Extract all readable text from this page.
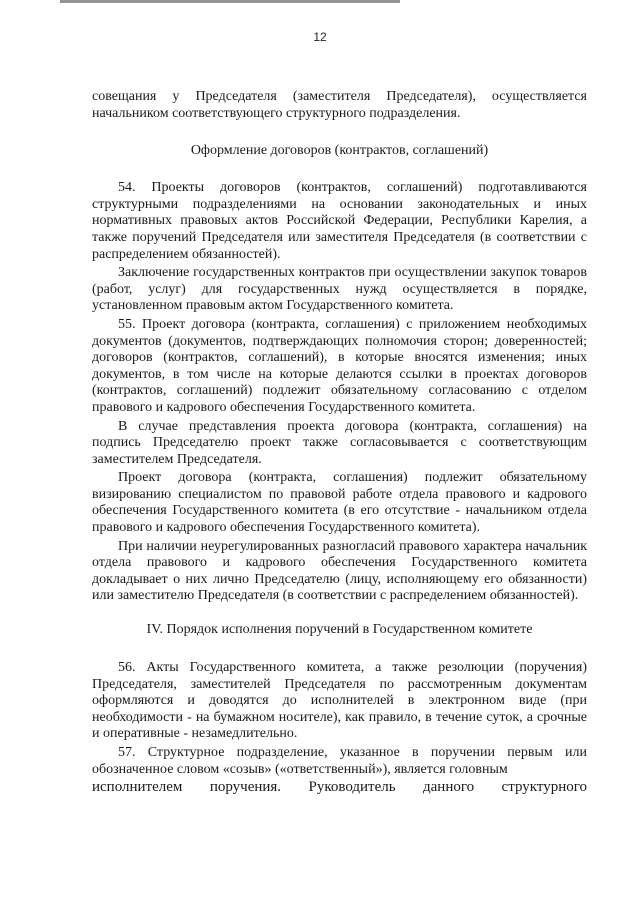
12

совещания у Председателя (заместителя Председателя), осуществляется начальником соответствующего структурного подразделения.

Оформление договоров (контрактов, соглашений)

54. Проекты договоров (контрактов, соглашений) подготавливаются структурными подразделениями на основании законодательных и иных нормативных правовых актов Российской Федерации, Республики Карелия, а также поручений Председателя или заместителя Председателя (в соответствии с распределением обязанностей).

Заключение государственных контрактов при осуществлении закупок товаров (работ, услуг) для государственных нужд осуществляется в порядке, установленном правовым актом Государственного комитета.

55. Проект договора (контракта, соглашения) с приложением необходимых документов (документов, подтверждающих полномочия сторон; доверенностей; договоров (контрактов, соглашений), в которые вносятся изменения; иных документов, в том числе на которые делаются ссылки в проектах договоров (контрактов, соглашений) подлежит обязательному согласованию с отделом правового и кадрового обеспечения Государственного комитета.

В случае представления проекта договора (контракта, соглашения) на подпись Председателю проект также согласовывается с соответствующим заместителем Председателя.

Проект договора (контракта, соглашения) подлежит обязательному визированию специалистом по правовой работе отдела правового и кадрового обеспечения Государственного комитета (в его отсутствие - начальником отдела правового и кадрового обеспечения Государственного комитета).

При наличии неурегулированных разногласий правового характера начальник отдела правового и кадрового обеспечения Государственного комитета докладывает о них лично Председателю (лицу, исполняющему его обязанности) или заместителю Председателя (в соответствии с распределением обязанностей).

IV. Порядок исполнения поручений в Государственном комитете

56. Акты Государственного комитета, а также резолюции (поручения) Председателя, заместителей Председателя по рассмотренным документам оформляются и доводятся до исполнителей в электронном виде (при необходимости - на бумажном носителе), как правило, в течение суток, а срочные и оперативные - незамедлительно.

57. Структурное подразделение, указанное в поручении первым или обозначенное словом «созыв» («ответственный»), является головным

исполнителем поручения. Руководитель данного структурного
